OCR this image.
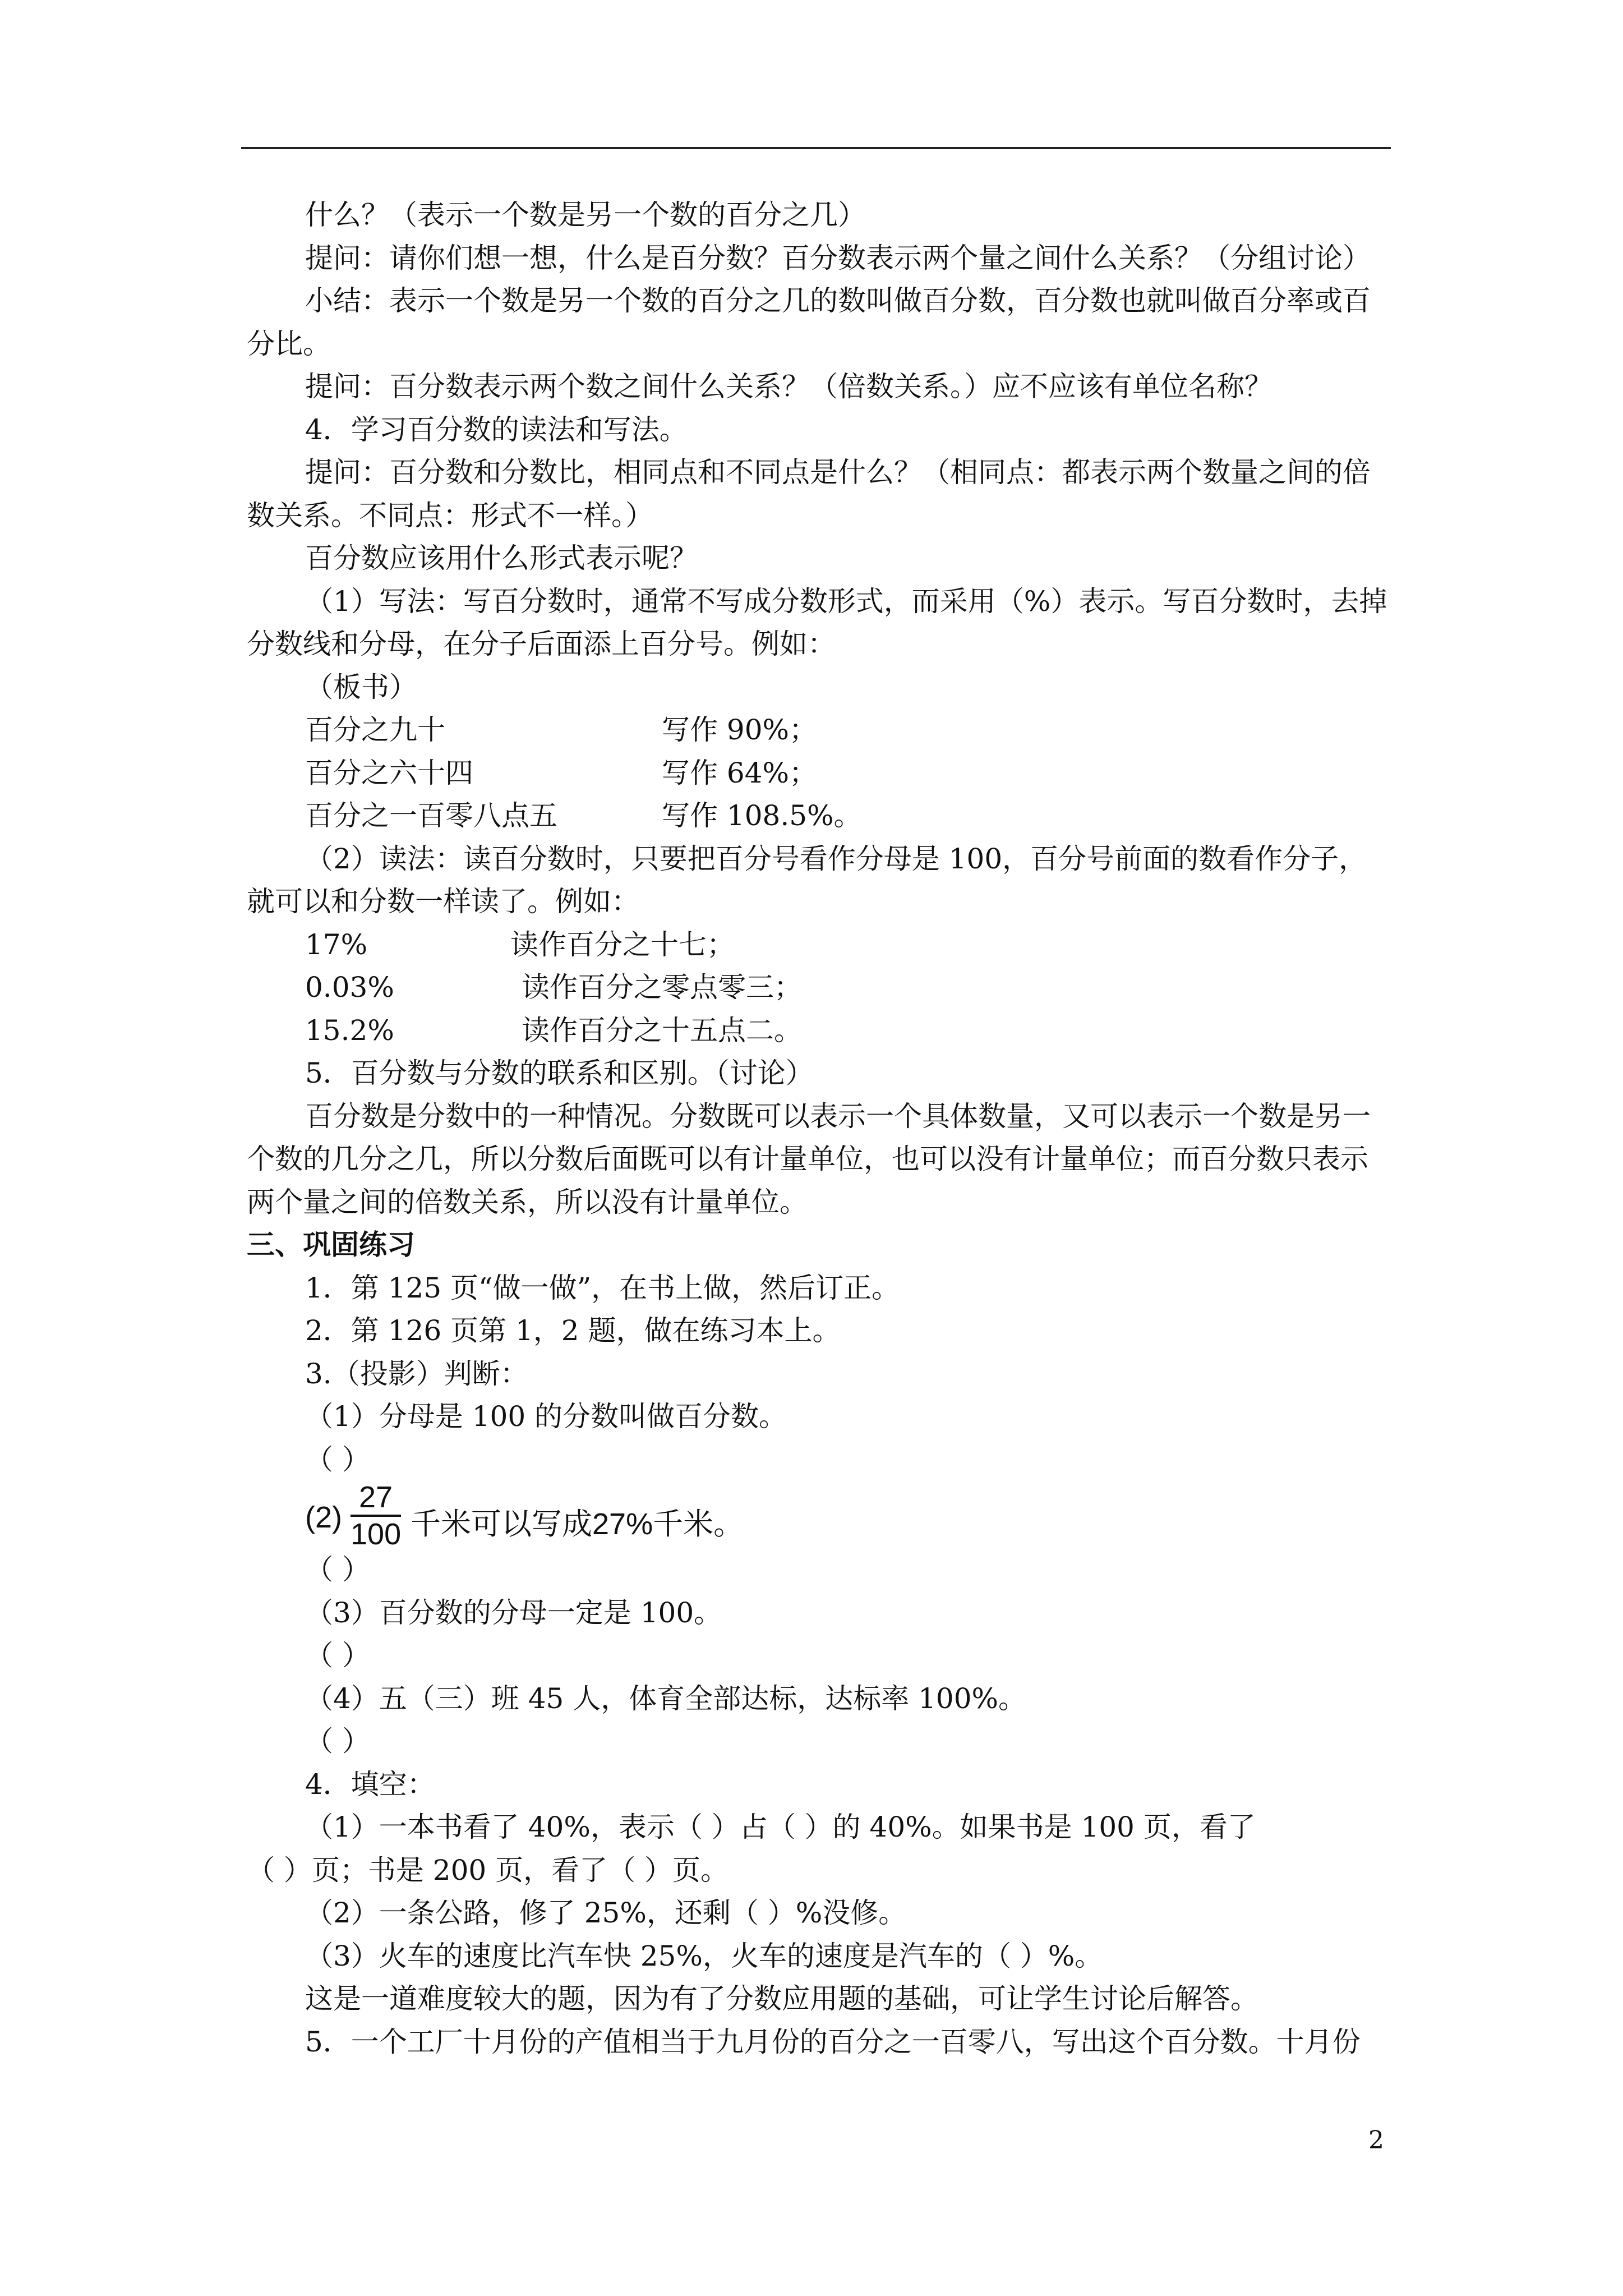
什么？（表示一个数是另一个数的百分之几）
提问：请你们想一想，什么是百分数？百分数表示两个量之间什么关系？（分组讨论）
小结：表示一个数是另一个数的百分之几的数叫做百分数，百分数也就叫做百分率或百
分比。
提问：百分数表示两个数之间什么关系？（倍数关系。）应不应该有单位名称？
4．学习百分数的读法和写法。
提问：百分数和分数比，相同点和不同点是什么？（相同点：都表示两个数量之间的倍
数关系。不同点：形式不一样。）
百分数应该用什么形式表示呢？
（1）写法：写百分数时，通常不写成分数形式，而采用（%）表示。写百分数时，去掉
分数线和分母，在分子后面添上百分号。例如：
（板书）
百分之九十	写作 90%；
百分之六十四	写作 64%；
百分之一百零八点五	写作 108.5%。
（2）读法：读百分数时，只要把百分号看作分母是 100，百分号前面的数看作分子，
就可以和分数一样读了。例如：
17%	读作百分之十七；
0.03%	读作百分之零点零三；
15.2%	读作百分之十五点二。
5．百分数与分数的联系和区别。（讨论）
百分数是分数中的一种情况。分数既可以表示一个具体数量，又可以表示一个数是另一
个数的几分之几，所以分数后面既可以有计量单位，也可以没有计量单位；而百分数只表示
两个量之间的倍数关系，所以没有计量单位。
三、巩固练习
1．第 125 页“做一做”，在书上做，然后订正。
2．第 126 页第 1，2 题，做在练习本上。
3.（投影）判断：
（1）分母是 100 的分数叫做百分数。
（ ）
(2)
27
100 千米可以写成27%千米。
（ ）
（3）百分数的分母一定是 100。
（ ）
（4）五（三）班 45 人，体育全部达标，达标率 100%。
（ ）
4．填空：
（1）一本书看了 40%，表示（ ）占（ ）的 40%。如果书是 100 页，看了
（ ）页；书是 200 页，看了（ ）页。
（2）一条公路，修了 25%，还剩（ ）%没修。
（3）火车的速度比汽车快 25%，火车的速度是汽车的（ ）%。
这是一道难度较大的题，因为有了分数应用题的基础，可让学生讨论后解答。
5．一个工厂十月份的产值相当于九月份的百分之一百零八，写出这个百分数。十月份
2
